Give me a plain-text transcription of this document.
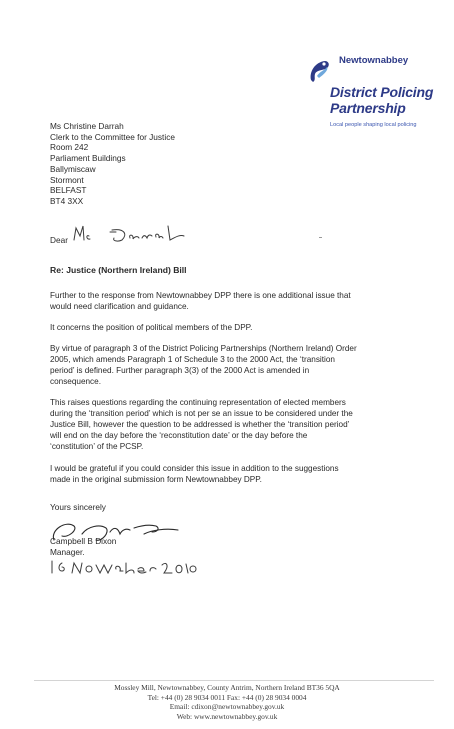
Newtownabbey
District Policing
Partnership
Local people shaping local policing
Ms Christine Darrah
Clerk to the Committee for Justice
Room 242
Parliament Buildings
Ballymiscaw
Stormont
BELFAST
BT4 3XX
Dear
Re: Justice (Northern Ireland) Bill
Further to the response from Newtownabbey DPP there is one additional issue that
would need clarification and guidance.
It concerns the position of political members of the DPP.
By virtue of paragraph 3 of the District Policing Partnerships (Northern Ireland) Order
2005, which amends Paragraph 1 of Schedule 3 to the 2000 Act, the ‘transition
period’ is defined. Further paragraph 3(3) of the 2000 Act is amended in
consequence.
This raises questions regarding the continuing representation of elected members
during the ‘transition period’ which is not per se an issue to be considered under the
Justice Bill, however the question to be addressed is whether the ‘transition period’
will end on the day before the ‘reconstitution date’ or the day before the
‘constitution’ of the PCSP.
I would be grateful if you could consider this issue in addition to the suggestions
made in the original submission form Newtownabbey DPP.
Yours sincerely
Campbell B Dixon
Manager.
Mossley Mill, Newtownabbey, County Antrim, Northern Ireland BT36 5QA
Tel: +44 (0) 28 9034 0011 Fax: +44 (0) 28 9034 0004
Email: cdixon@newtownabbey.gov.uk
Web: www.newtownabbey.gov.uk
